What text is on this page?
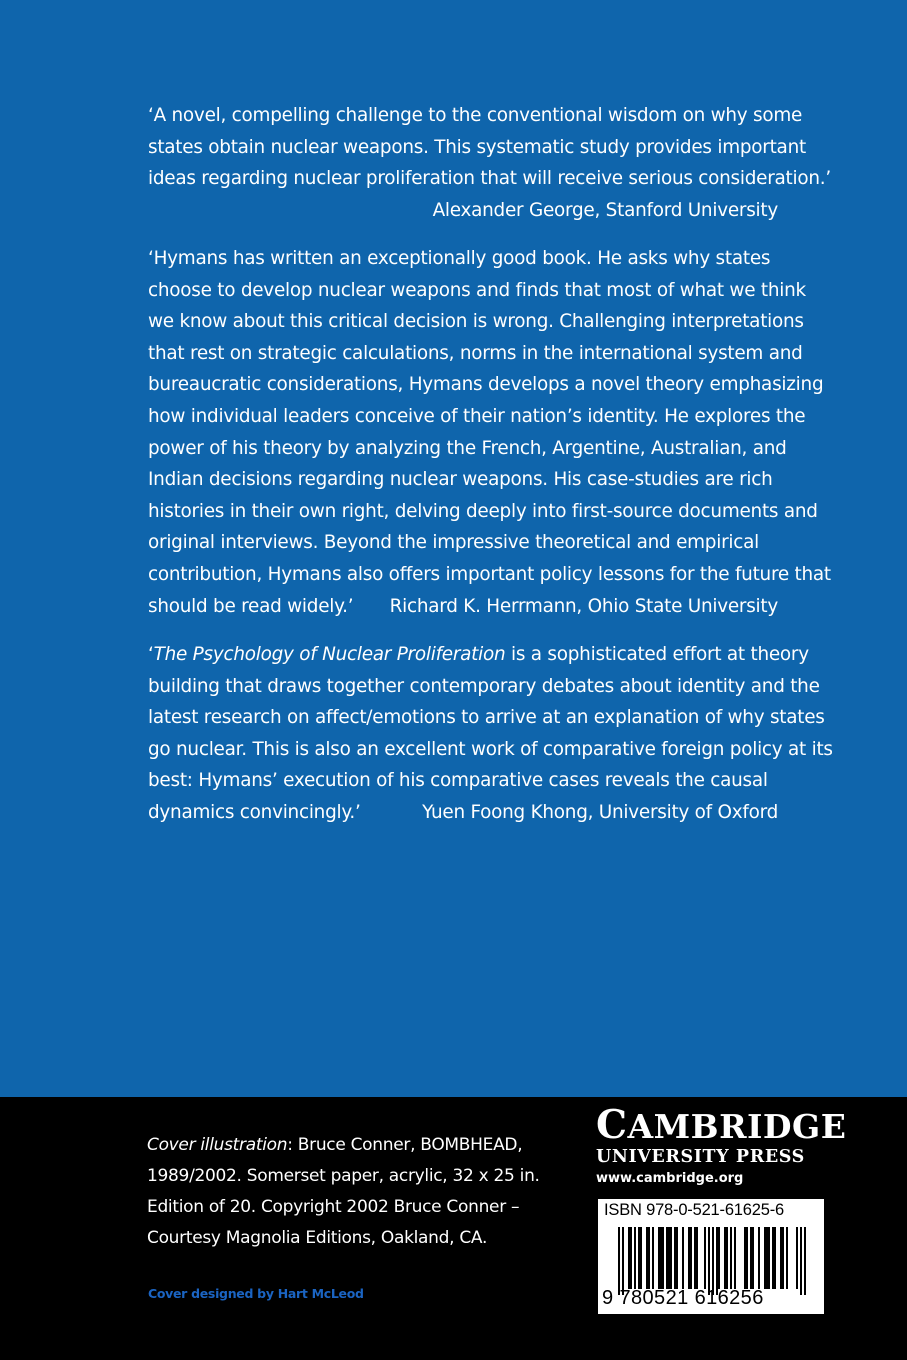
‘A novel, compelling challenge to the conventional wisdom on why some
states obtain nuclear weapons. This systematic study provides important
ideas regarding nuclear proliferation that will receive serious consideration.’
Alexander George, Stanford University
‘Hymans has written an exceptionally good book. He asks why states
choose to develop nuclear weapons and finds that most of what we think
we know about this critical decision is wrong. Challenging interpretations
that rest on strategic calculations, norms in the international system and
bureaucratic considerations, Hymans develops a novel theory emphasizing
how individual leaders conceive of their nation’s identity. He explores the
power of his theory by analyzing the French, Argentine, Australian, and
Indian decisions regarding nuclear weapons. His case-studies are rich
histories in their own right, delving deeply into first-source documents and
original interviews. Beyond the impressive theoretical and empirical
contribution, Hymans also offers important policy lessons for the future that
should be read widely.’ Richard K. Herrmann, Ohio State University
‘The Psychology of Nuclear Proliferation is a sophisticated effort at theory
building that draws together contemporary debates about identity and the
latest research on affect/emotions to arrive at an explanation of why states
go nuclear. This is also an excellent work of comparative foreign policy at its
best: Hymans’ execution of his comparative cases reveals the causal
dynamics convincingly.’	Yuen Foong Khong, University of Oxford
Cover illustration: Bruce Conner, BOMBHEAD,
1989/2002. Somerset paper, acrylic, 32 x 25 in.
Edition of 20. Copyright 2002 Bruce Conner –
Courtesy Magnolia Editions, Oakland, CA.
Cover designed by Hart McLeod
CAMBRIDGE
UNIVERSITY PRESS
www.cambridge.org
ISBN 978-0-521-61625-6
9 780521 616256
